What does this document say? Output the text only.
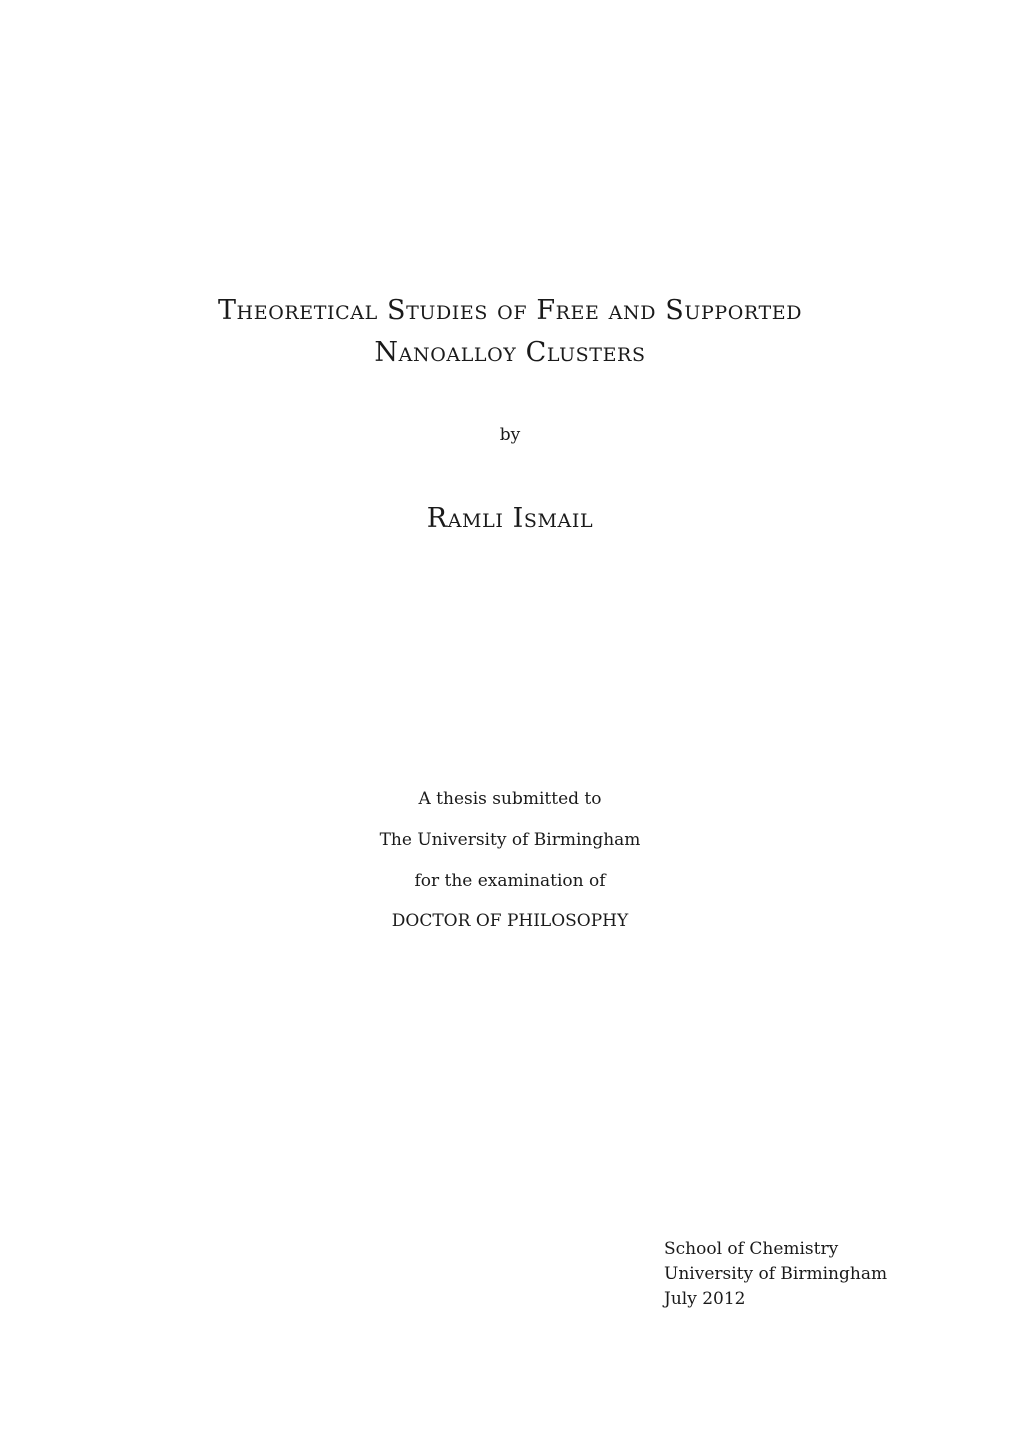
Theoretical Studies of Free and Supported
Nanoalloy Clusters
by
Ramli Ismail
A thesis submitted to
The University of Birmingham
for the examination of
DOCTOR OF PHILOSOPHY
School of Chemistry
University of Birmingham
July 2012
